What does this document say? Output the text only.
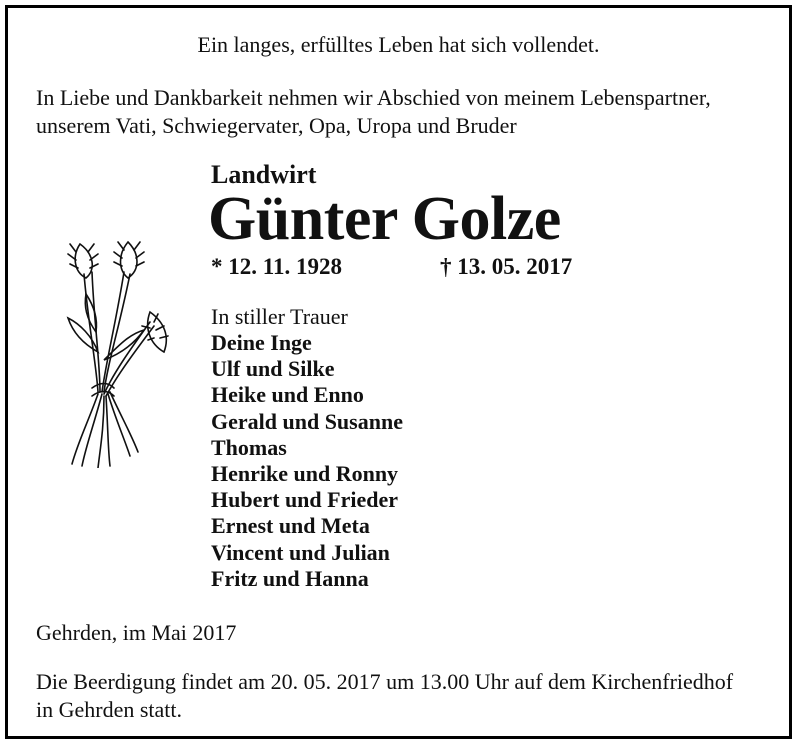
Ein langes, erfülltes Leben hat sich vollendet.
In Liebe und Dankbarkeit nehmen wir Abschied von meinem Lebenspartner,
unserem Vati, Schwiegervater, Opa, Uropa und Bruder
Landwirt
Günter Golze
* 12. 11. 1928	† 13. 05. 2017
In stiller Trauer
Deine Inge
Ulf und Silke
Heike und Enno
Gerald und Susanne
Thomas
Henrike und Ronny
Hubert und Frieder
Ernest und Meta
Vincent und Julian
Fritz und Hanna
Gehrden, im Mai 2017
Die Beerdigung findet am 20. 05. 2017 um 13.00 Uhr auf dem Kirchenfriedhof
in Gehrden statt.
